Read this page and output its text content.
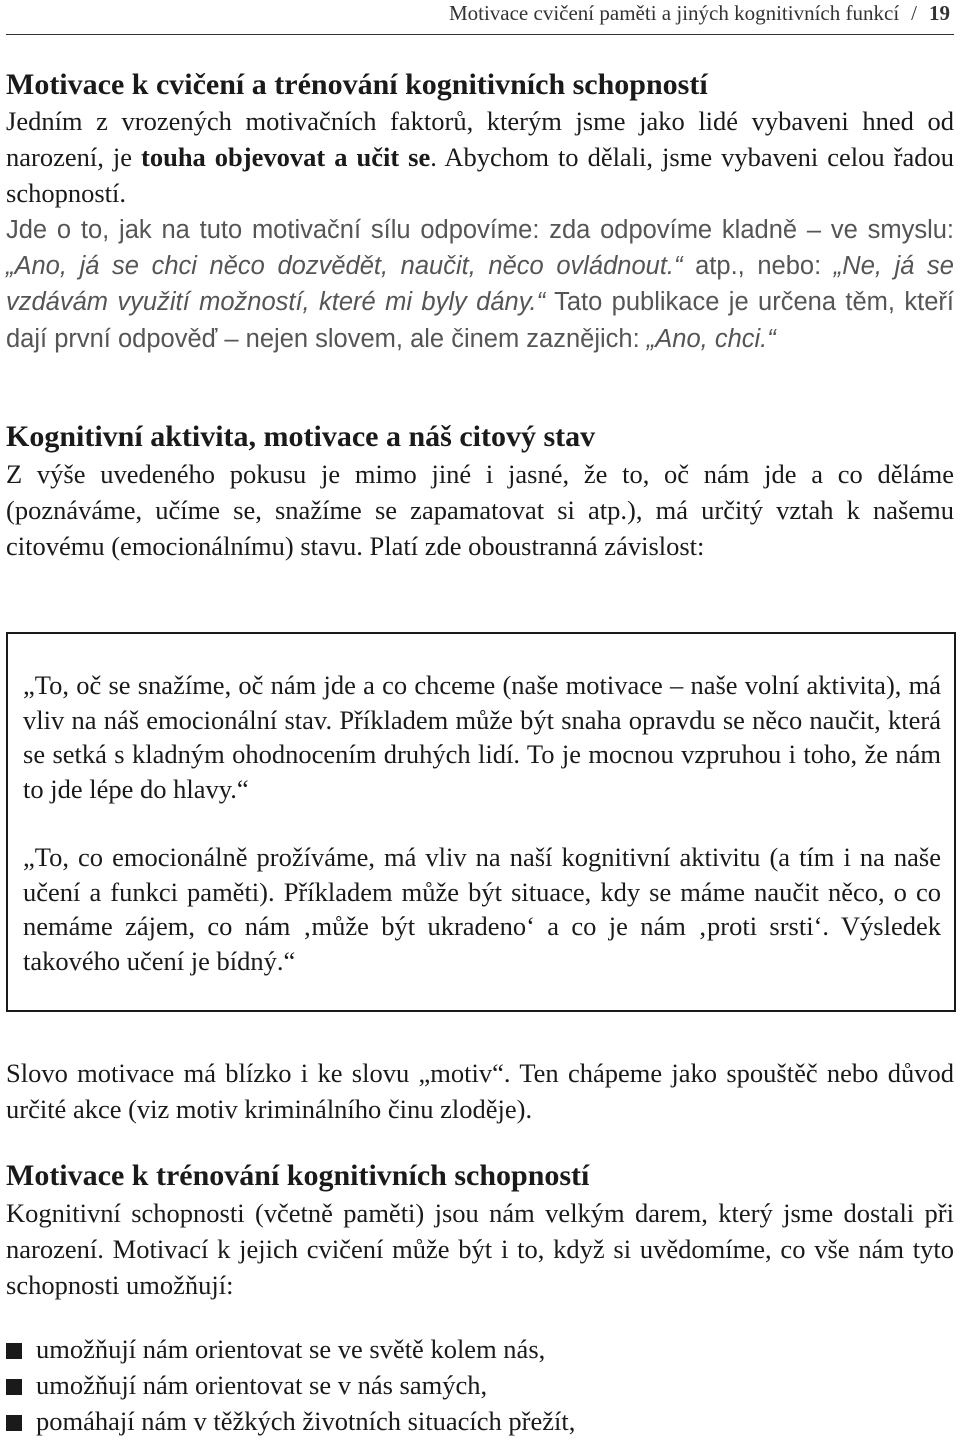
Motivace cvičení paměti a jiných kognitivních funkcí / 19
Motivace k cvičení a trénování kognitivních schopností

Jedním z vrozených motivačních faktorů, kterým jsme jako lidé vybaveni hned od narození, je touha objevovat a učit se. Abychom to dělali, jsme vybaveni celou řadou schopností.

Jde o to, jak na tuto motivační sílu odpovíme: zda odpovíme kladně – ve smyslu: „Ano, já se chci něco dozvědět, naučit, něco ovládnout.“ atp., nebo: „Ne, já se vzdávám využití možností, které mi byly dány.“ Tato publikace je určena těm, kteří dají první odpověď – nejen slovem, ale činem zaznějich: „Ano, chci.“

Kognitivní aktivita, motivace a náš citový stav

Z výše uvedeného pokusu je mimo jiné i jasné, že to, oč nám jde a co děláme (poznáváme, učíme se, snažíme se zapamatovat si atp.), má určitý vztah k našemu citovému (emocionálnímu) stavu. Platí zde oboustranná závislost:

„To, oč se snažíme, oč nám jde a co chceme (naše motivace – naše volní aktivita), má vliv na náš emocionální stav. Příkladem může být snaha opravdu se něco naučit, která se setká s kladným ohodnocením druhých lidí. To je mocnou vzpruhou i toho, že nám to jde lépe do hlavy.“

„To, co emocionálně prožíváme, má vliv na naší kognitivní aktivitu (a tím i na naše učení a funkci paměti). Příkladem může být situace, kdy se máme naučit něco, o co nemáme zájem, co nám ‚může být ukradeno‘ a co je nám ‚proti srsti‘. Výsledek takového učení je bídný.“

Slovo motivace má blízko i ke slovu „motiv“. Ten chápeme jako spouštěč nebo důvod určité akce (viz motiv kriminálního činu zloděje).

Motivace k trénování kognitivních schopností

Kognitivní schopnosti (včetně paměti) jsou nám velkým darem, který jsme dostali při narození. Motivací k jejich cvičení může být i to, když si uvědomíme, co vše nám tyto schopnosti umožňují:

umožňují nám orientovat se ve světě kolem nás,
umožňují nám orientovat se v nás samých,
pomáhají nám v těžkých životních situacích přežít,
